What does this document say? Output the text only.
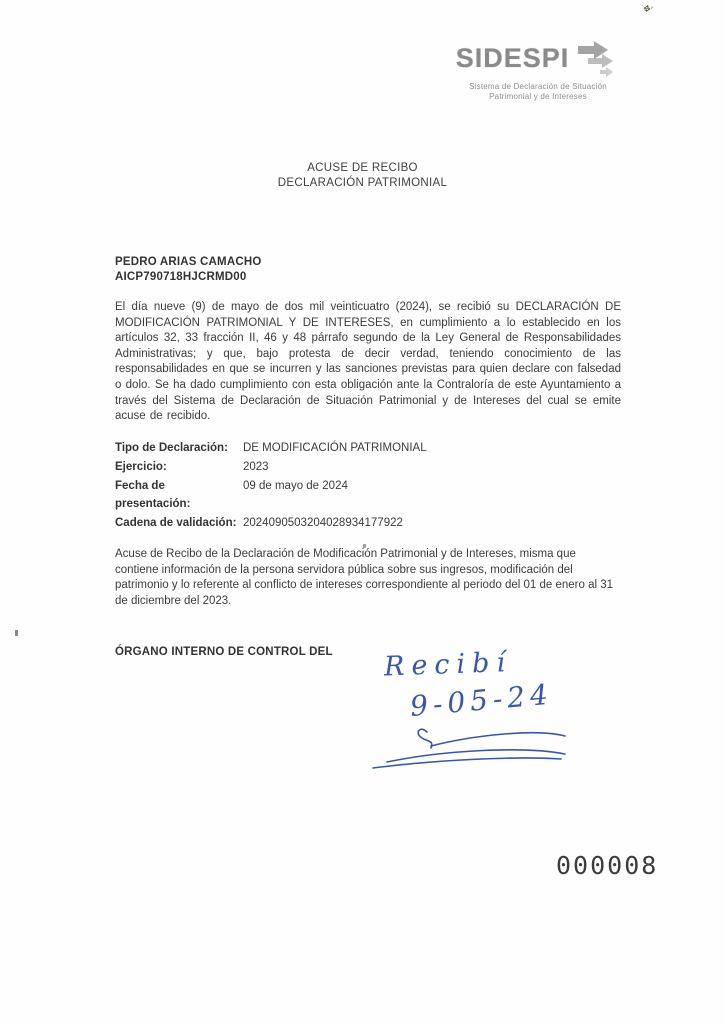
SIDESPI
Sistema de Declaración de Situación
Patrimonial y de Intereses
ACUSE DE RECIBO
DECLARACIÓN PATRIMONIAL
PEDRO ARIAS CAMACHO
AICP790718HJCRMD00

El día nueve (9) de mayo de dos mil veinticuatro (2024), se recibió su DECLARACIÓN DE MODIFICACIÓN PATRIMONIAL Y DE INTERESES, en cumplimiento a lo establecido en los artículos 32, 33 fracción II, 46 y 48 párrafo segundo de la Ley General de Responsabilidades Administrativas; y que, bajo protesta de decir verdad, teniendo conocimiento de las responsabilidades en que se incurren y las sanciones previstas para quien declare con falsedad o dolo. Se ha dado cumplimiento con esta obligación ante la Contraloría de este Ayuntamiento a través del Sistema de Declaración de Situación Patrimonial y de Intereses del cual se emite acuse de recibido.

Tipo de Declaración:	DE MODIFICACIÓN PATRIMONIAL
Ejercicio:	2023
Fecha de presentación:
09 de mayo de 2024
Cadena de validación: 2024090503204028934177922

Acuse de Recibo de la Declaración de Modificación Patrimonial y de Intereses, misma que contiene información de la persona servidora pública sobre sus ingresos, modificación del patrimonio y lo referente al conflicto de intereses correspondiente al periodo del 01 de enero al 31 de diciembre del 2023.

ÓRGANO INTERNO DE CONTROL DEL Recibí
9-05-24
000008
✥′
